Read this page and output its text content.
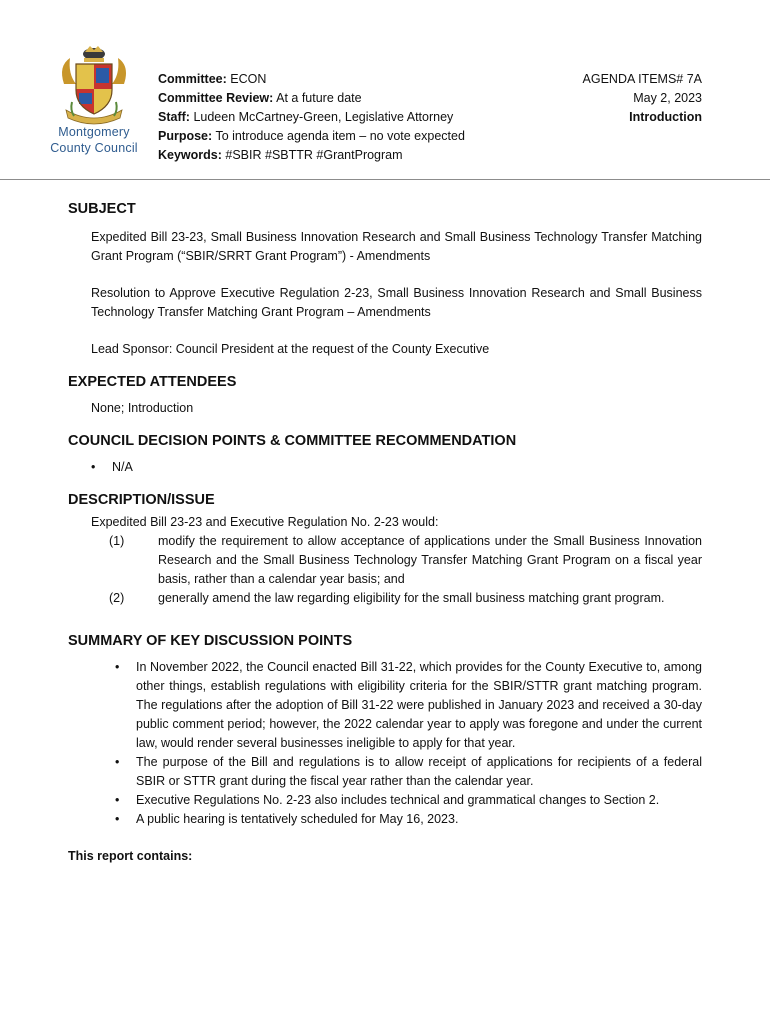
Montgomery
County Council
Committee: ECON
Committee Review: At a future date
Staff: Ludeen McCartney-Green, Legislative Attorney
Purpose: To introduce agenda item – no vote expected
Keywords: #SBIR #SBTTR #GrantProgram
AGENDA ITEMS# 7A
May 2, 2023
Introduction
SUBJECT

Expedited Bill 23-23, Small Business Innovation Research and Small Business Technology Transfer Matching Grant Program (“SBIR/SRRT Grant Program”) - Amendments

Resolution to Approve Executive Regulation 2-23, Small Business Innovation Research and Small Business Technology Transfer Matching Grant Program – Amendments

Lead Sponsor: Council President at the request of the County Executive

EXPECTED ATTENDEES

None; Introduction

COUNCIL DECISION POINTS & COMMITTEE RECOMMENDATION
• N/A
DESCRIPTION/ISSUE

Expedited Bill 23-23 and Executive Regulation No. 2-23 would:

(1)	modify the requirement to allow acceptance of applications under the Small Business Innovation Research and the Small Business Technology Transfer Matching Grant Program on a fiscal year basis, rather than a calendar year basis; and
(2)	generally amend the law regarding eligibility for the small business matching grant program.
SUMMARY OF KEY DISCUSSION POINTS
• In November 2022, the Council enacted Bill 31-22, which provides for the County Executive to, among other things, establish regulations with eligibility criteria for the SBIR/STTR grant matching program. The regulations after the adoption of Bill 31-22 were published in January 2023 and received a 30-day public comment period; however, the 2022 calendar year to apply was foregone and under the current law, would render several businesses ineligible to apply for that year.
• The purpose of the Bill and regulations is to allow receipt of applications for recipients of a federal SBIR or STTR grant during the fiscal year rather than the calendar year.
• Executive Regulations No. 2-23 also includes technical and grammatical changes to Section 2.
• A public hearing is tentatively scheduled for May 16, 2023.

This report contains:
